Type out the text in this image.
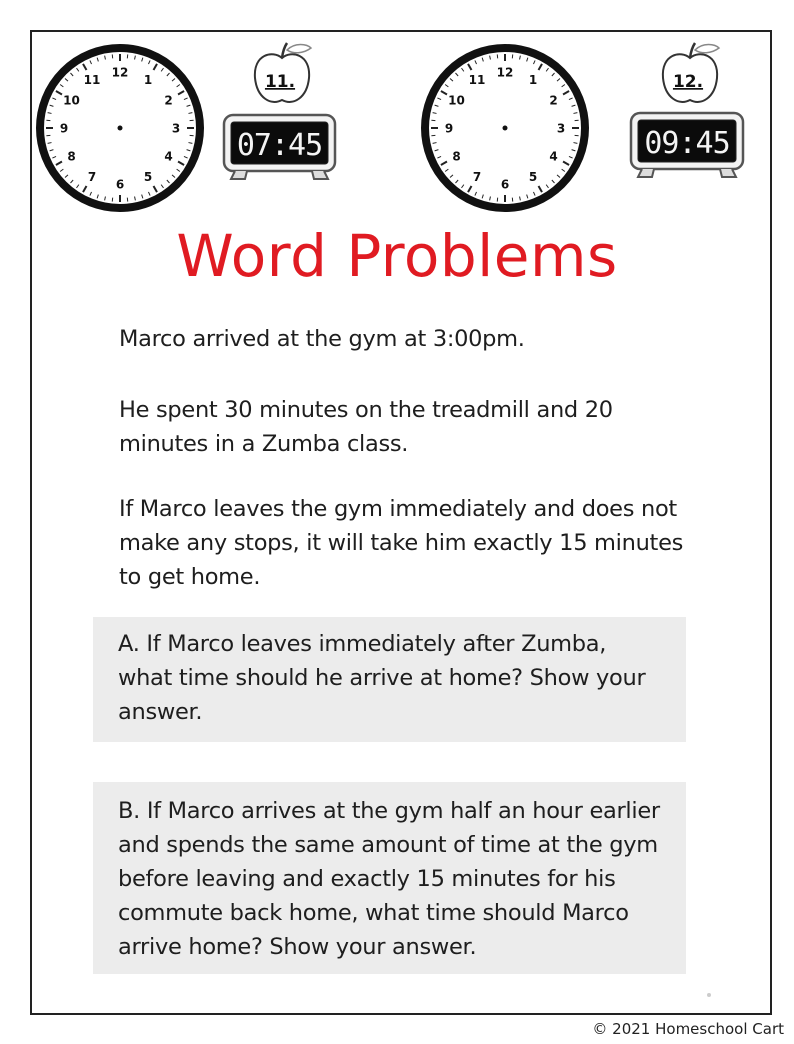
12
1
2
3
4
5
6
7
8
9
10
11	11.
07:45
12
1
2
3
4
5
6
7
8
9
10
11	12.
09:45
Word Problems

Marco arrived at the gym at 3:00pm.

He spent 30 minutes on the treadmill and 20 minutes in a Zumba class.

If Marco leaves the gym immediately and does not make any stops, it will take him exactly 15 minutes to get home.

A. If Marco leaves immediately after Zumba, what time should he arrive at home? Show your answer.

B. If Marco arrives at the gym half an hour earlier and spends the same amount of time at the gym before leaving and exactly 15 minutes for his commute back home, what time should Marco arrive home? Show your answer.

© 2021 Homeschool Cart
